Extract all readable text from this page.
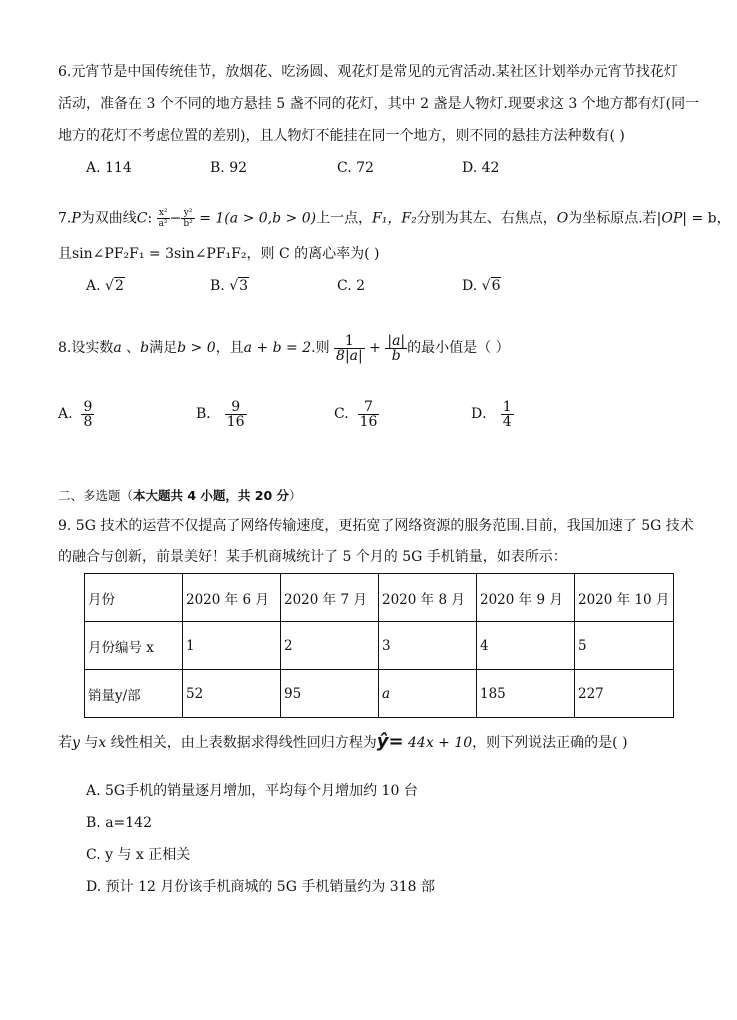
6.元宵节是中国传统佳节，放烟花、吃汤圆、观花灯是常见的元宵活动.某社区计划举办元宵节找花灯
活动，准备在 3 个不同的地方悬挂 5 盏不同的花灯，其中 2 盏是人物灯.现要求这 3 个地方都有灯(同一
地方的花灯不考虑位置的差别)，且人物灯不能挂在同一个地方，则不同的悬挂方法种数有( )
A. 114	B. 92	C. 72	D. 42
7.P为双曲线C: $\frac{\text{x²}}{\text{a²}} - \frac{\text{y²}}{\text{b²}} = 1(a > 0,b > 0)$上一点，F₁，F₂分别为其左、右焦点，O为坐标原点.若|OP| = b，
且sin∠PF₂F₁ = 3sin∠PF₁F₂，则 C 的离心率为( )
A. √2	B. √3	C. 2	D. √6
8.设实数a 、b满足b > 0，且a + b = 2.则 $\frac{1}{8|a|} + \frac{|a|}{b}$ 的最小值是（ ）
A. $\frac{9}{8}$	B． $\frac{9}{16}$	C. $\frac{7}{16}$	D． $\frac{1}{4}$
二、多选题（本大题共 4 小题，共 20 分）
9. 5G 技术的运营不仅提高了网络传输速度，更拓宽了网络资源的服务范围.目前，我国加速了 5G 技术
的融合与创新，前景美好！某手机商城统计了 5 个月的 5G 手机销量，如表所示：
月份	2020 年 6 月	2020 年 7 月	2020 年 8 月	2020 年 9 月	2020 年 10 月
月份编号 x	1	2	3	4	5
销量y/部	52	95	a	185	227
若y 与x 线性相关，由上表数据求得线性回归方程为ŷ= 44x + 10，则下列说法正确的是( )
A. 5G手机的销量逐月增加，平均每个月增加约 10 台
B. a=142
C. y 与 x 正相关
D. 预计 12 月份该手机商城的 5G 手机销量约为 318 部
